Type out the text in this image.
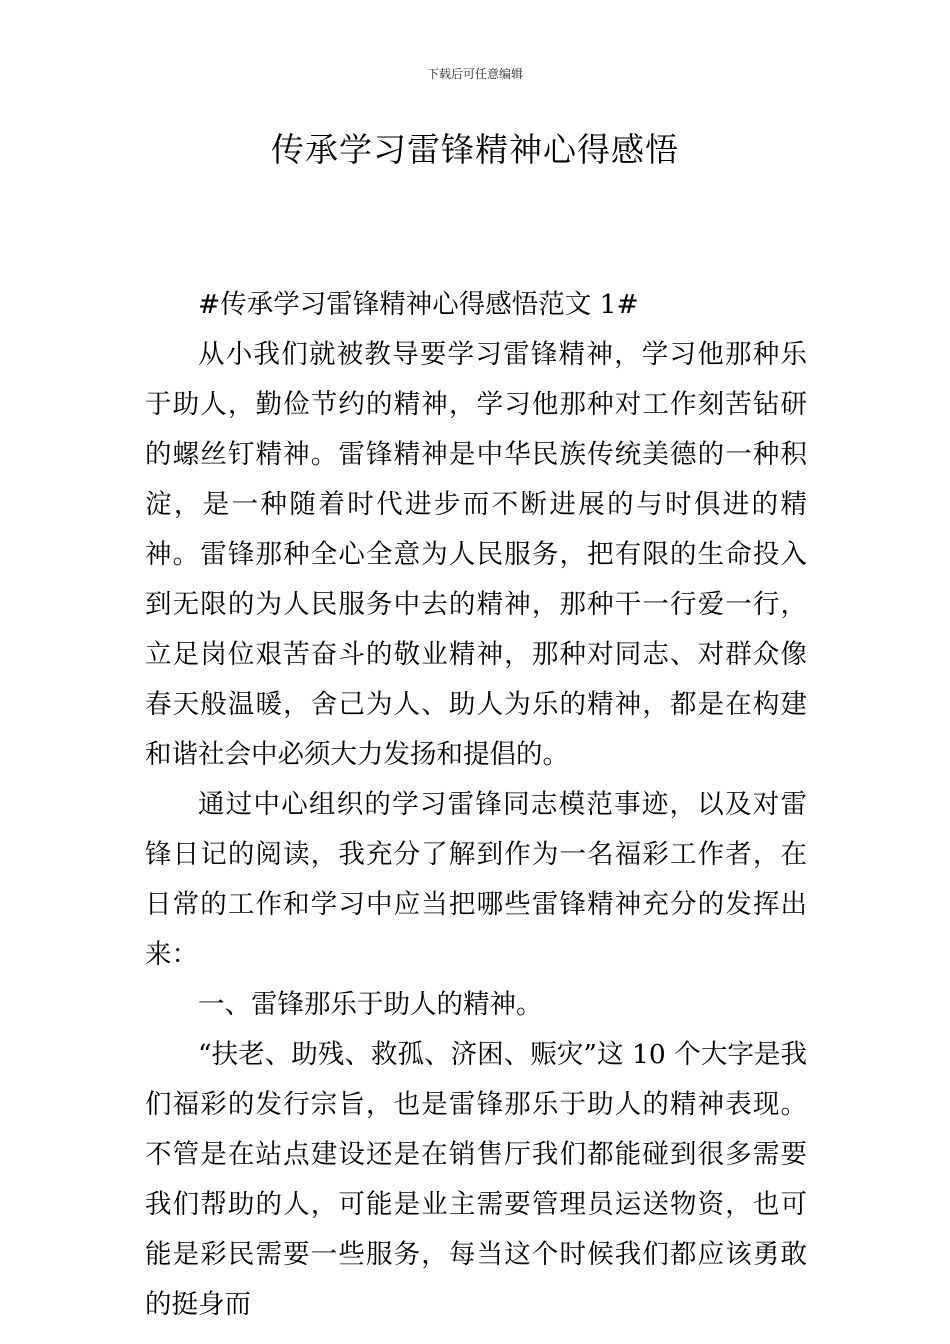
下载后可任意编辑
传承学习雷锋精神心得感悟

#传承学习雷锋精神心得感悟范文 1#

从小我们就被教导要学习雷锋精神，学习他那种乐于助人，勤俭节约的精神，学习他那种对工作刻苦钻研的螺丝钉精神。雷锋精神是中华民族传统美德的一种积淀，是一种随着时代进步而不断进展的与时俱进的精神。雷锋那种全心全意为人民服务，把有限的生命投入到无限的为人民服务中去的精神，那种干一行爱一行，立足岗位艰苦奋斗的敬业精神，那种对同志、对群众像春天般温暖，舍己为人、助人为乐的精神，都是在构建和谐社会中必须大力发扬和提倡的。

通过中心组织的学习雷锋同志模范事迹，以及对雷锋日记的阅读，我充分了解到作为一名福彩工作者，在日常的工作和学习中应当把哪些雷锋精神充分的发挥出来：

一、雷锋那乐于助人的精神。

“扶老、助残、救孤、济困、赈灾”这 10 个大字是我们福彩的发行宗旨，也是雷锋那乐于助人的精神表现。不管是在站点建设还是在销售厅我们都能碰到很多需要我们帮助的人，可能是业主需要管理员运送物资，也可能是彩民需要一些服务，每当这个时候我们都应该勇敢的挺身而
